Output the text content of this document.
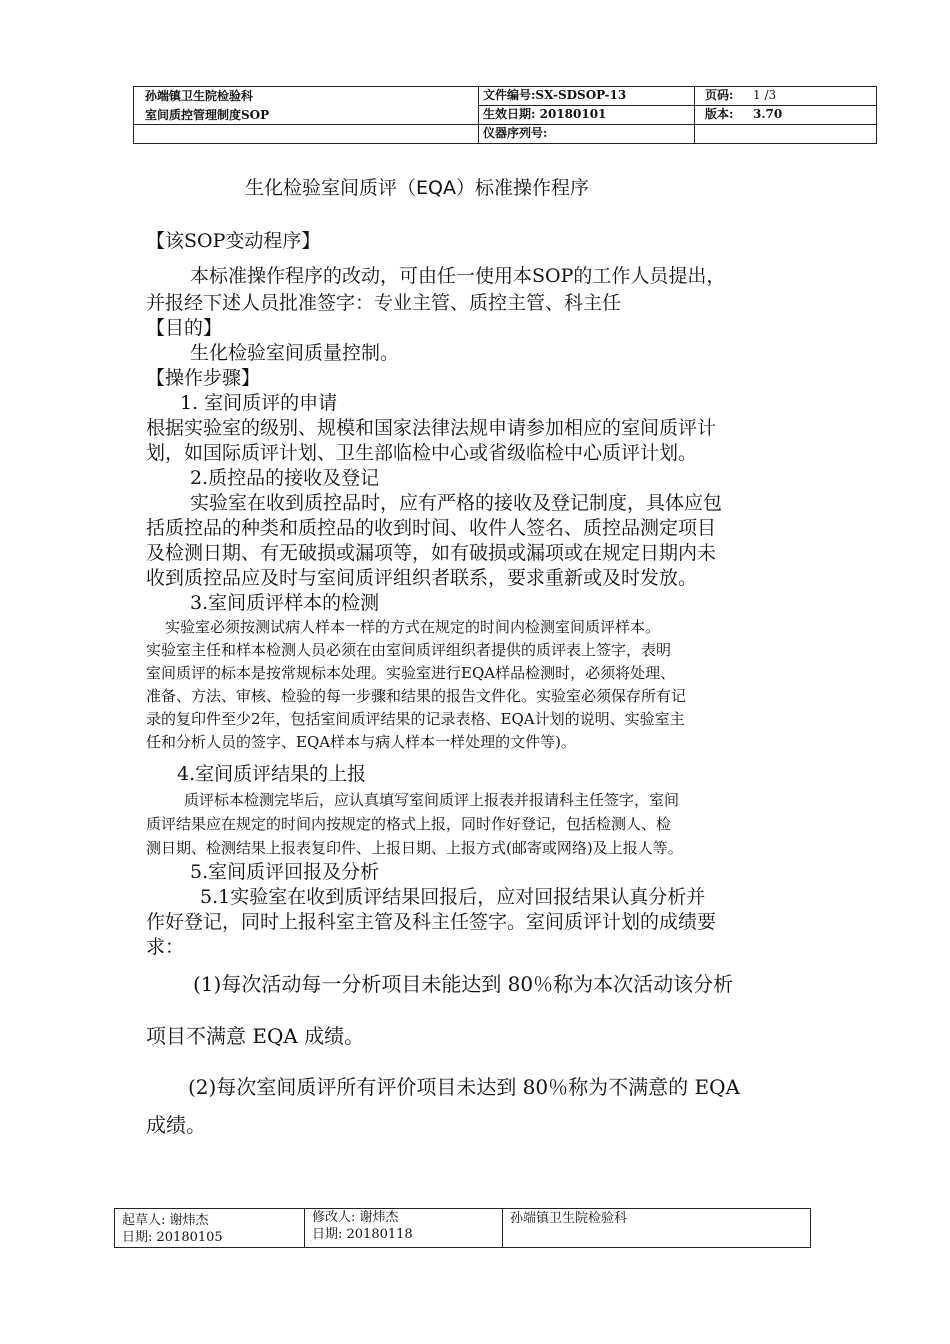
孙端镇卫生院检验科
室间质控管理制度SOP
文件编号:SX-SDSOP-13
生效日期: 20180101
仪器序列号:
页码: 1 /3
版本: 3.70
生化检验室间质评（EQA）标准操作程序
【该SOP变动程序】
本标准操作程序的改动，可由任一使用本SOP的工作人员提出，
并报经下述人员批准签字：专业主管、质控主管、科主任
【目的】
生化检验室间质量控制。
【操作步骤】
1. 室间质评的申请
根据实验室的级别、规模和国家法律法规申请参加相应的室间质评计
划，如国际质评计划、卫生部临检中心或省级临检中心质评计划。
2.质控品的接收及登记
实验室在收到质控品时，应有严格的接收及登记制度，具体应包
括质控品的种类和质控品的收到时间、收件人签名、质控品测定项目
及检测日期、有无破损或漏项等，如有破损或漏项或在规定日期内未
收到质控品应及时与室间质评组织者联系，要求重新或及时发放。
3.室间质评样本的检测
实验室必须按测试病人样本一样的方式在规定的时间内检测室间质评样本。
实验室主任和样本检测人员必须在由室间质评组织者提供的质评表上签字，表明
室间质评的标本是按常规标本处理。实验室进行EQA样品检测时，必须将处理、
准备、方法、审核、检验的每一步骤和结果的报告文件化。实验室必须保存所有记
录的复印件至少2年，包括室间质评结果的记录表格、EQA计划的说明、实验室主
任和分析人员的签字、EQA样本与病人样本一样处理的文件等)。
4.室间质评结果的上报
质评标本检测完毕后，应认真填写室间质评上报表并报请科主任签字，室间
质评结果应在规定的时间内按规定的格式上报，同时作好登记，包括检测人、检
测日期、检测结果上报表复印件、上报日期、上报方式(邮寄或网络)及上报人等。
5.室间质评回报及分析
5.1实验室在收到质评结果回报后，应对回报结果认真分析并
作好登记，同时上报科室主管及科主任签字。室间质评计划的成绩要
求：
(1)每次活动每一分析项目未能达到 80％称为本次活动该分析
项目不满意 EQA 成绩。
(2)每次室间质评所有评价项目未达到 80％称为不满意的 EQA
成绩。
起草人: 谢炜杰
日期: 20180105
修改人: 谢炜杰
日期: 20180118
孙端镇卫生院检验科
